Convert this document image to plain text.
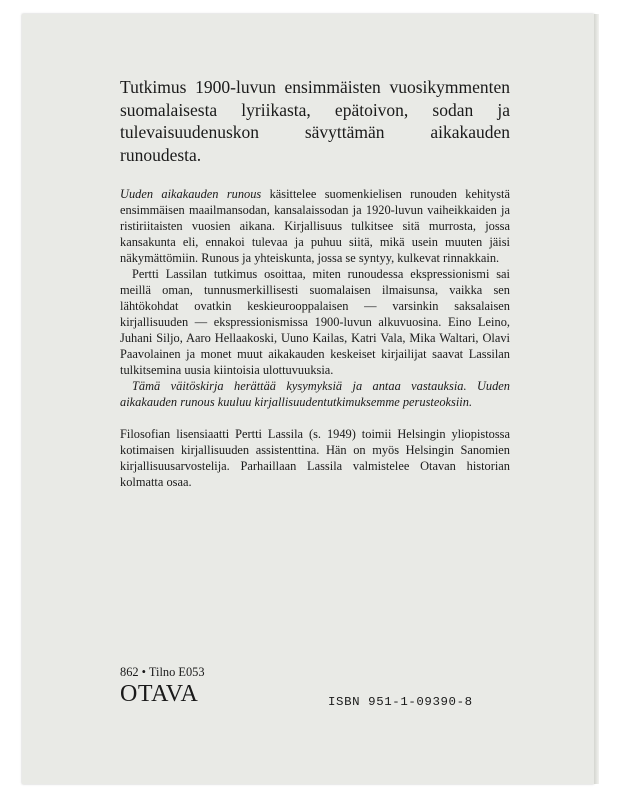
Tutkimus 1900-luvun ensimmäisten vuosikymmenten suomalaisesta lyriikasta, epätoivon, sodan ja tulevaisuudenuskon sävyttämän aikakauden runoudesta.

Uuden aikakauden runous käsittelee suomenkielisen runouden kehitystä ensimmäisen maailmansodan, kansalaissodan ja 1920-luvun vaiheikkaiden ja ristiriitaisten vuosien aikana. Kirjallisuus tulkitsee sitä murrosta, jossa kansakunta eli, ennakoi tulevaa ja puhuu siitä, mikä usein muuten jäisi näkymättömiin. Runous ja yhteiskunta, jossa se syntyy, kulkevat rinnakkain.

Pertti Lassilan tutkimus osoittaa, miten runoudessa ekspressionismi sai meillä oman, tunnusmerkillisesti suomalaisen ilmaisunsa, vaikka sen lähtökohdat ovatkin keskieurooppalaisen — varsinkin saksalaisen kirjallisuuden — ekspressionismissa 1900-luvun alkuvuosina. Eino Leino, Juhani Siljo, Aaro Hellaakoski, Uuno Kailas, Katri Vala, Mika Waltari, Olavi Paavolainen ja monet muut aikakauden keskeiset kirjailijat saavat Lassilan tulkitsemina uusia kiintoisia ulottuvuuksia.

Tämä väitöskirja herättää kysymyksiä ja antaa vastauksia. Uuden aikakauden runous kuuluu kirjallisuudentutkimuksemme perusteoksiin.

Filosofian lisensiaatti Pertti Lassila (s. 1949) toimii Helsingin yliopistossa kotimaisen kirjallisuuden assistenttina. Hän on myös Helsingin Sanomien kirjallisuusarvostelija. Parhaillaan Lassila valmistelee Otavan historian kolmatta osaa.

862 • Tilno E053
OTAVA	ISBN 951-1-09390-8
